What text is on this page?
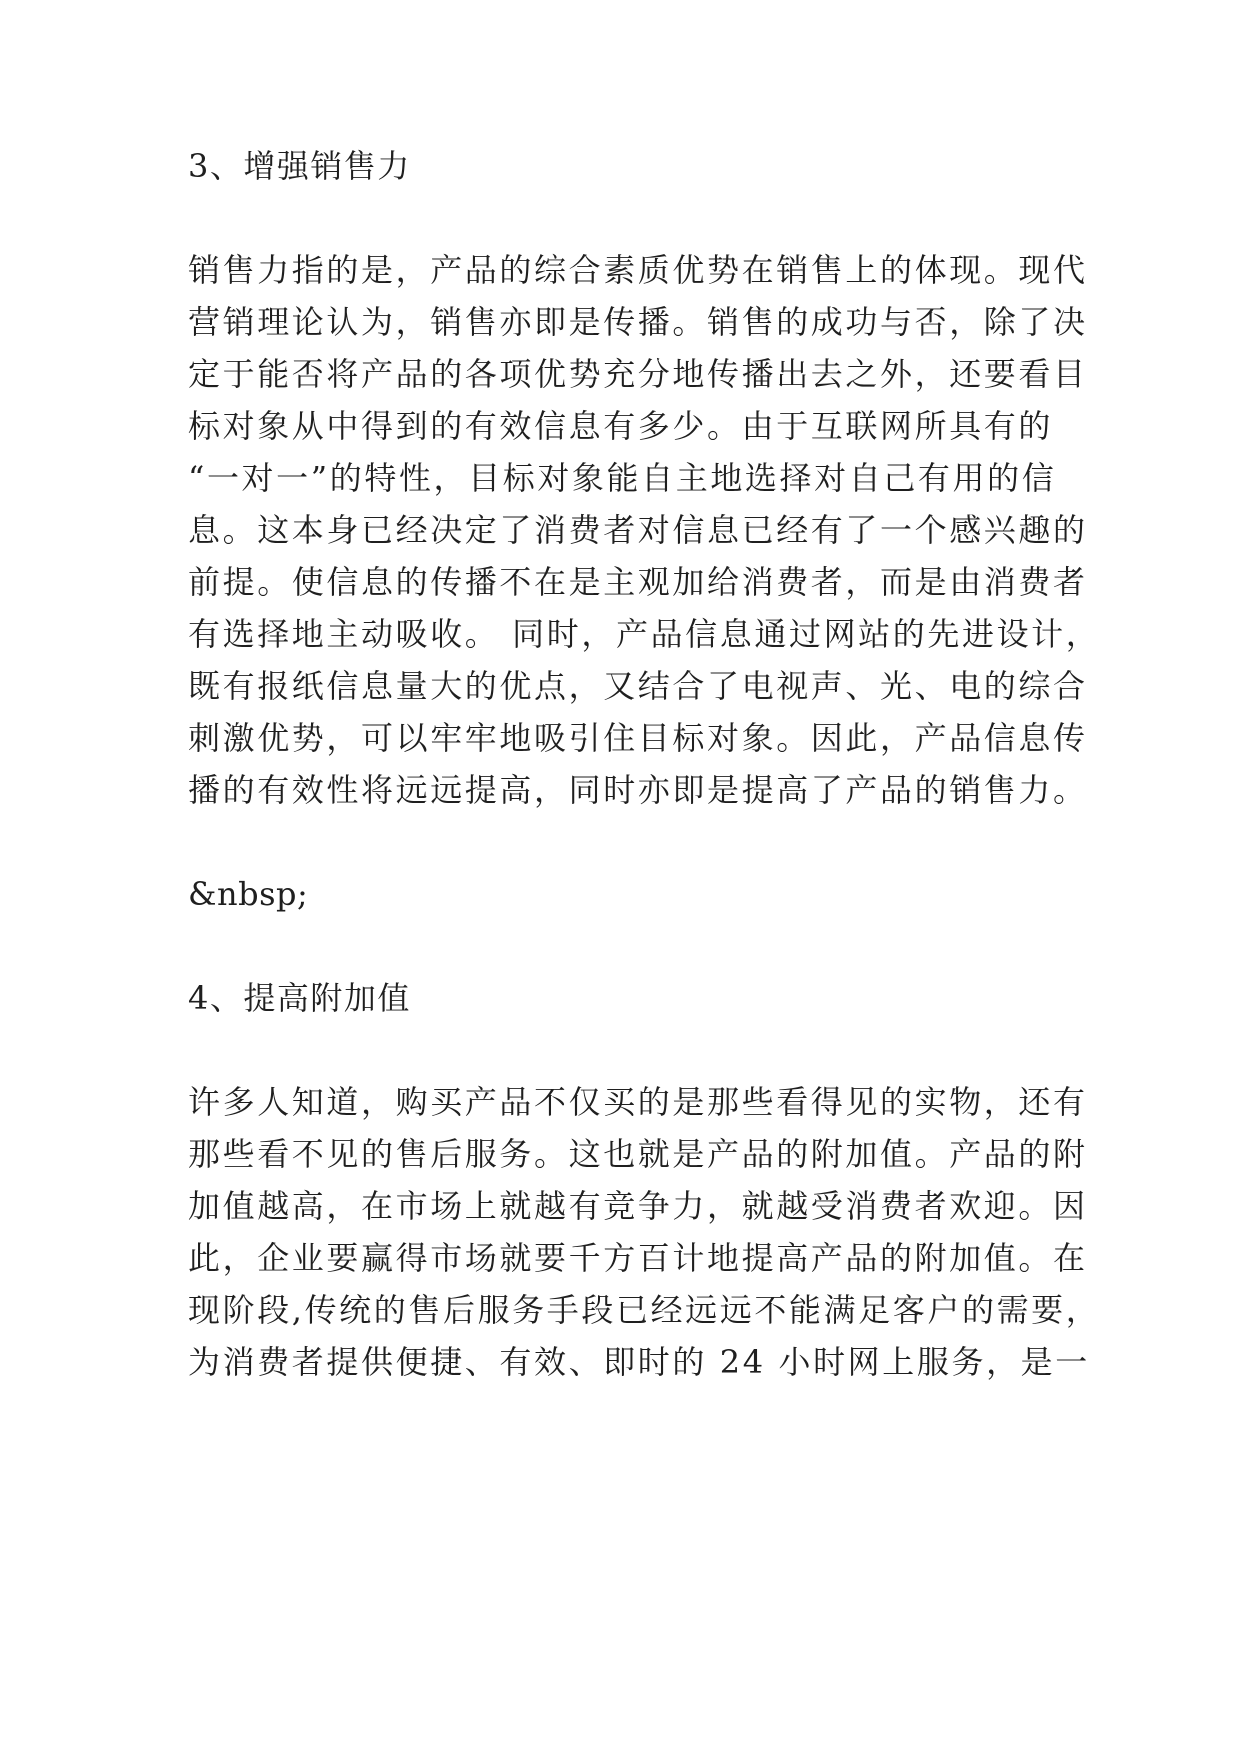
3、增强销售力
销售力指的是，产品的综合素质优势在销售上的体现。现代
营销理论认为，销售亦即是传播。销售的成功与否，除了决
定于能否将产品的各项优势充分地传播出去之外，还要看目
标对象从中得到的有效信息有多少。由于互联网所具有的
“一对一”的特性，目标对象能自主地选择对自己有用的信
息。这本身已经决定了消费者对信息已经有了一个感兴趣的
前提。使信息的传播不在是主观加给消费者，而是由消费者
有选择地主动吸收。 同时，产品信息通过网站的先进设计，
既有报纸信息量大的优点，又结合了电视声、光、电的综合
刺激优势，可以牢牢地吸引住目标对象。因此，产品信息传
播的有效性将远远提高，同时亦即是提高了产品的销售力。
&nbsp;
4、提高附加值
许多人知道，购买产品不仅买的是那些看得见的实物，还有
那些看不见的售后服务。这也就是产品的附加值。产品的附
加值越高，在市场上就越有竞争力，就越受消费者欢迎。因
此，企业要赢得市场就要千方百计地提高产品的附加值。在
现阶段,传统的售后服务手段已经远远不能满足客户的需要，
为消费者提供便捷、有效、即时的 24 小时网上服务，是一
